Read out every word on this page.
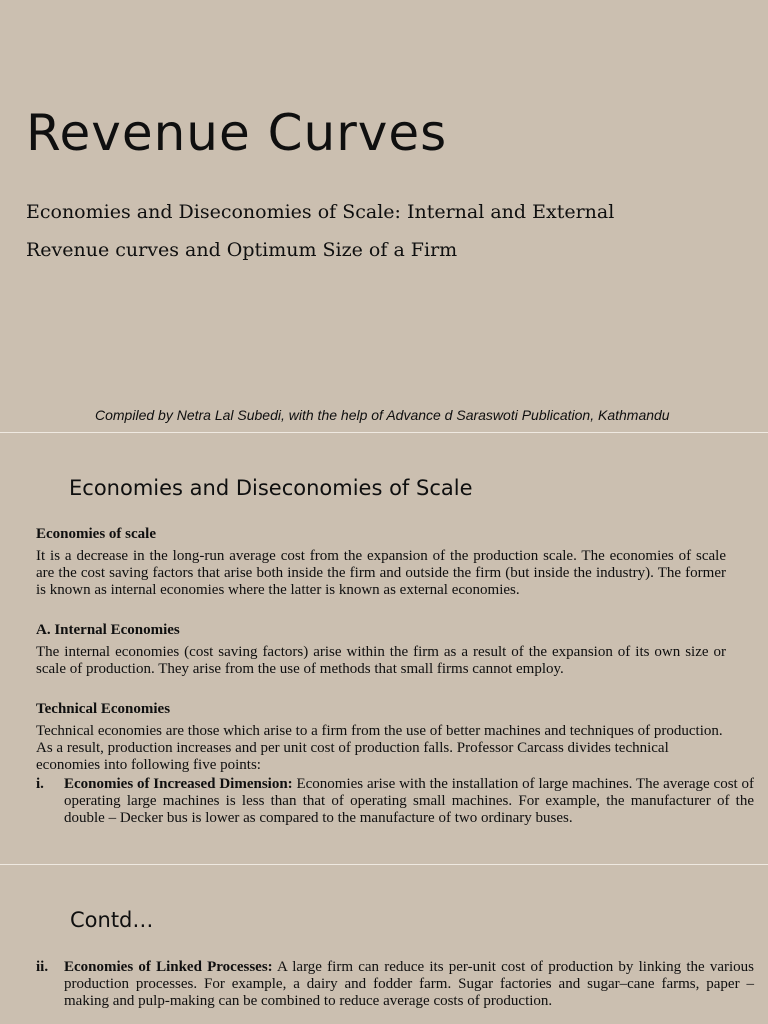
Revenue Curves

Economies and Diseconomies of Scale: Internal and External

Revenue curves and Optimum Size of a Firm

Compiled by Netra Lal Subedi, with the help of Advance d Saraswoti Publication, Kathmandu
Economies and Diseconomies of Scale
Economies of scale
It is a decrease in the long-run average cost from the expansion of the production scale. The economies of scale are the cost saving factors that arise both inside the firm and outside the firm (but inside the industry). The former is known as internal economies where the latter is known as external economies.
A. Internal Economies
The internal economies (cost saving factors) arise within the firm as a result of the expansion of its own size or scale of production. They arise from the use of methods that small firms cannot employ.
Technical Economies
Technical economies are those which arise to a firm from the use of better machines and techniques of production. As a result, production increases and per unit cost of production falls. Professor Carcass divides technical economies into following five points:
i. Economies of Increased Dimension: Economies arise with the installation of large machines. The average cost of operating large machines is less than that of operating small machines. For example, the manufacturer of the double – Decker bus is lower as compared to the manufacture of two ordinary buses.
Contd…
ii. Economies of Linked Processes: A large firm can reduce its per-unit cost of production by linking the various production processes. For example, a dairy and fodder farm. Sugar factories and sugar–cane farms, paper – making and pulp-making can be combined to reduce average costs of production.
